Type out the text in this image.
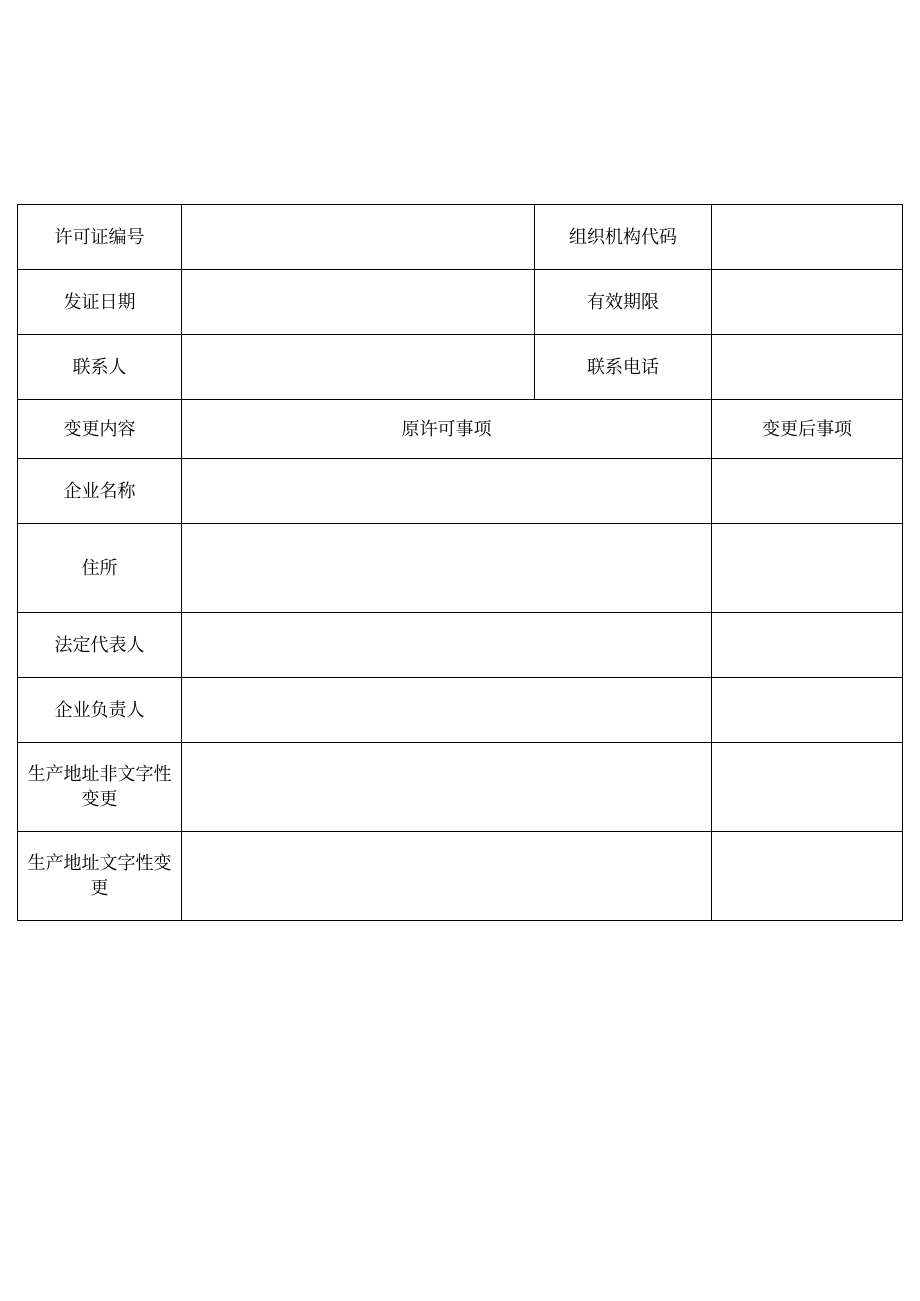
许可证编号		组织机构代码	
发证日期		有效期限	
联系人		联系电话	
变更内容	原许可事项		变更后事项
企业名称			
住所			
法定代表人			
企业负责人			
生产地址非文字性变更			
生产地址文字性变更			
